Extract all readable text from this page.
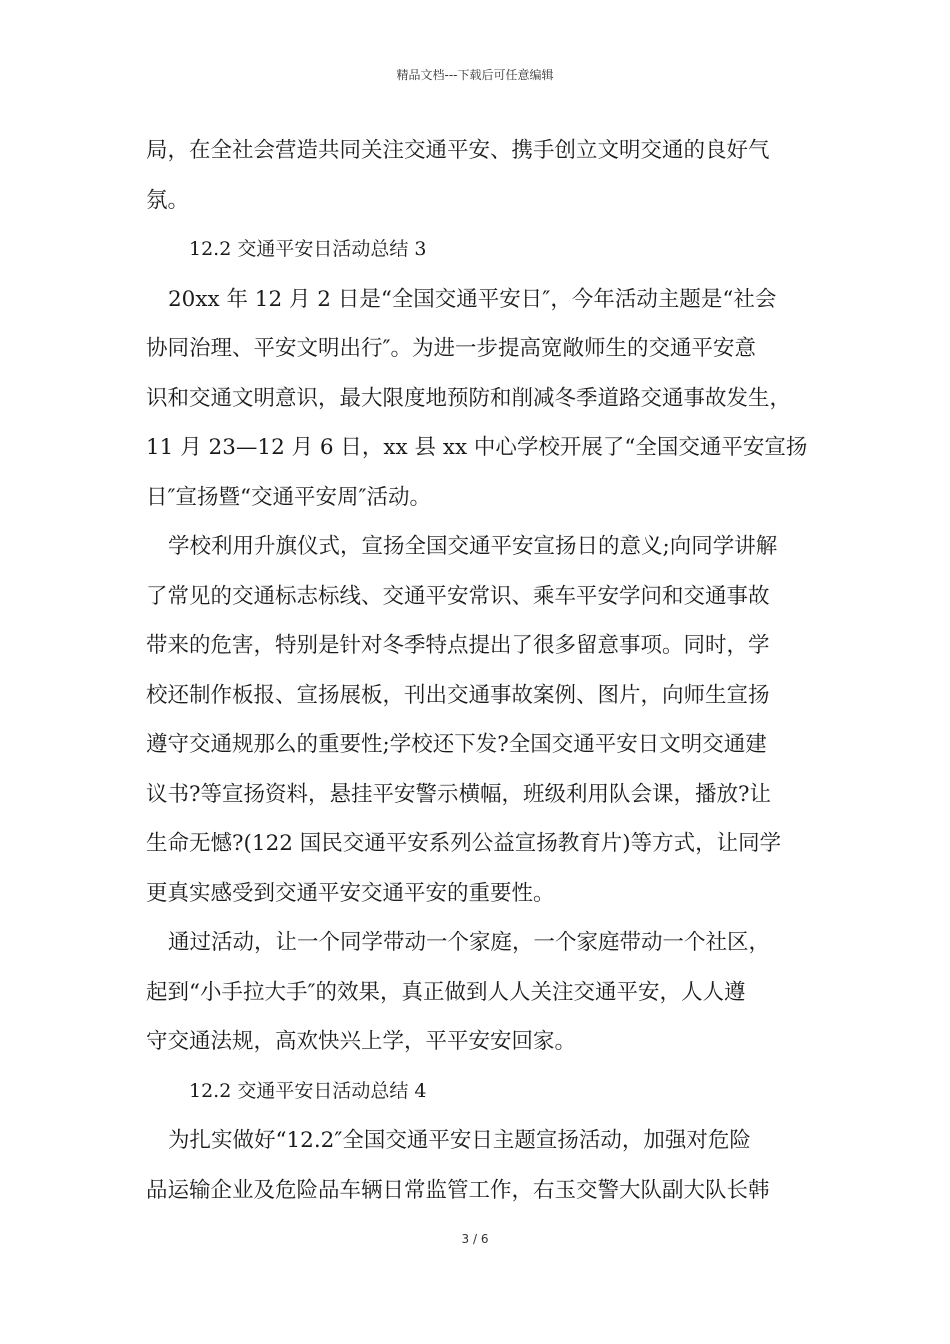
精品文档---下载后可任意编辑
局，在全社会营造共同关注交通平安、携手创立文明交通的良好气
氛。
12.2 交通平安日活动总结 3
20xx 年 12 月 2 日是“全国交通平安日″，今年活动主题是“社会
协同治理、平安文明出行″。为进一步提高宽敞师生的交通平安意
识和交通文明意识，最大限度地预防和削减冬季道路交通事故发生，
11 月 23—12 月 6 日，xx 县 xx 中心学校开展了“全国交通平安宣扬
日″宣扬暨“交通平安周″活动。
学校利用升旗仪式，宣扬全国交通平安宣扬日的意义;向同学讲解
了常见的交通标志标线、交通平安常识、乘车平安学问和交通事故
带来的危害，特别是针对冬季特点提出了很多留意事项。同时，学
校还制作板报、宣扬展板，刊出交通事故案例、图片，向师生宣扬
遵守交通规那么的重要性;学校还下发?全国交通平安日文明交通建
议书?等宣扬资料，悬挂平安警示横幅，班级利用队会课，播放?让
生命无憾?(122 国民交通平安系列公益宣扬教育片)等方式，让同学
更真实感受到交通平安交通平安的重要性。
通过活动，让一个同学带动一个家庭，一个家庭带动一个社区，
起到“小手拉大手″的效果，真正做到人人关注交通平安，人人遵
守交通法规，高欢快兴上学，平平安安回家。
12.2 交通平安日活动总结 4
为扎实做好“12.2″全国交通平安日主题宣扬活动，加强对危险
品运输企业及危险品车辆日常监管工作，右玉交警大队副大队长韩
3 / 6
